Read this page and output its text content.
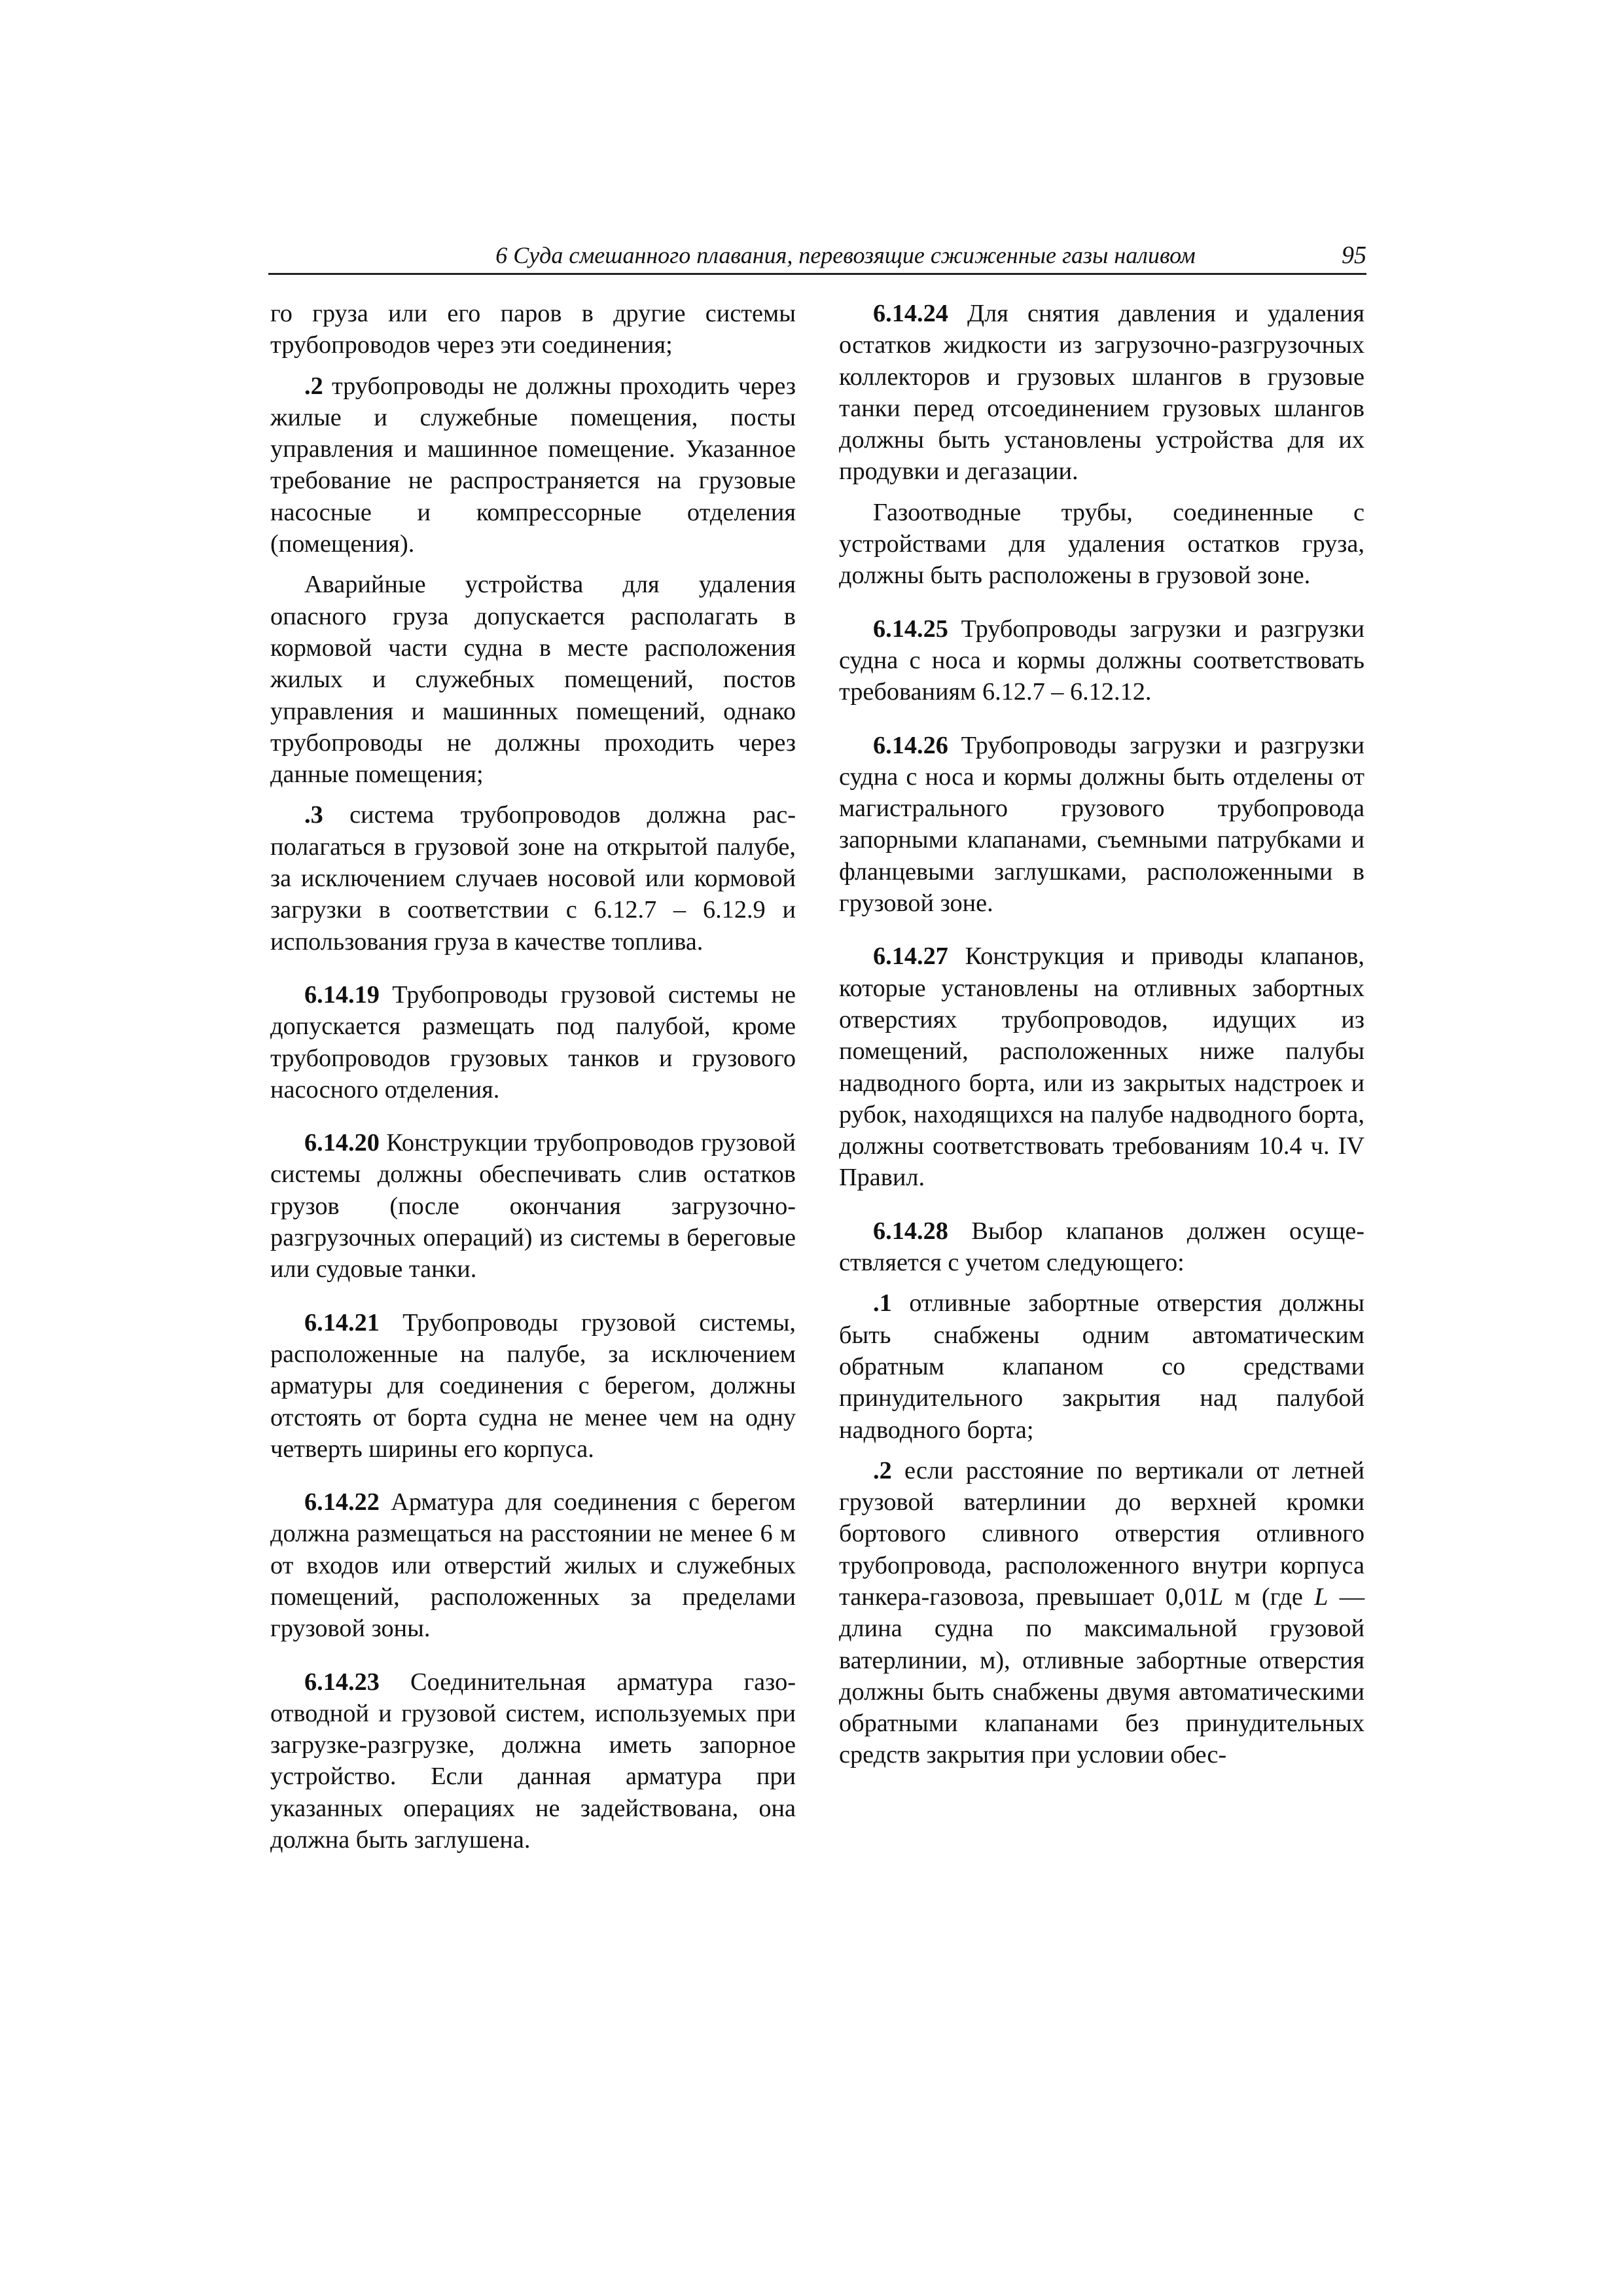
6 Суда смешанного плавания, перевозящие сжиженные газы наливом	95

го груза или его паров в другие системы трубопроводов через эти соединения;

.2 трубопроводы не должны проходить через жилые и служебные помещения, посты управления и машинное помещение. Указанное требование не распространяется на грузовые насосные и компрессорные отделения (помещения).

Аварийные устройства для удаления опасного груза допускается располагать в кормовой части судна в месте расположения жилых и служебных помещений, постов управления и машинных помещений, однако трубопроводы не должны проходить через данные помещения;

.3 система трубопроводов должна располагаться в грузовой зоне на открытой палубе, за исключением случаев носовой или кормовой загрузки в соответствии с 6.12.7 – 6.12.9 и использования груза в качестве топлива.

6.14.19 Трубопроводы грузовой системы не допускается размещать под палубой, кроме трубопроводов грузовых танков и грузового насосного отделения.

6.14.20 Конструкции трубопроводов грузовой системы должны обеспечивать слив остатков грузов (после окончания загрузочно-разгрузочных операций) из системы в береговые или судовые танки.

6.14.21 Трубопроводы грузовой системы, расположенные на палубе, за исключением арматуры для соединения с берегом, должны отстоять от борта судна не менее чем на одну четверть ширины его корпуса.

6.14.22 Арматура для соединения с берегом должна размещаться на расстоянии не менее 6 м от входов или отверстий жилых и служебных помещений, расположенных за пределами грузовой зоны.

6.14.23 Соединительная арматура газоотводной и грузовой систем, используемых при загрузке-разгрузке, должна иметь запорное устройство. Если данная арматура при указанных операциях не задействована, она должна быть заглушена.

6.14.24 Для снятия давления и удаления остатков жидкости из загрузочно-разгрузочных коллекторов и грузовых шлангов в грузовые танки перед отсоединением грузовых шлангов должны быть установлены устройства для их продувки и дегазации.

Газоотводные трубы, соединенные с устройствами для удаления остатков груза, должны быть расположены в грузовой зоне.

6.14.25 Трубопроводы загрузки и разгрузки судна с носа и кормы должны соответствовать требованиям 6.12.7 – 6.12.12.

6.14.26 Трубопроводы загрузки и разгрузки судна с носа и кормы должны быть отделены от магистрального грузового трубопровода запорными клапанами, съемными патрубками и фланцевыми заглушками, расположенными в грузовой зоне.

6.14.27 Конструкция и приводы клапанов, которые установлены на отливных забортных отверстиях трубопроводов, идущих из помещений, расположенных ниже палубы надводного борта, или из закрытых надстроек и рубок, находящихся на палубе надводного борта, должны соответствовать требованиям 10.4 ч. IV Правил.

6.14.28 Выбор клапанов должен осуществляется с учетом следующего:

.1 отливные забортные отверстия должны быть снабжены одним автоматическим обратным клапаном со средствами принудительного закрытия над палубой надводного борта;

.2 если расстояние по вертикали от летней грузовой ватерлинии до верхней кромки бортового сливного отверстия отливного трубопровода, расположенного внутри корпуса танкера-газовоза, превышает 0,01L м (где L — длина судна по максимальной грузовой ватерлинии, м), отливные забортные отверстия должны быть снабжены двумя автоматическими обратными клапанами без принудительных средств закрытия при условии обес-
